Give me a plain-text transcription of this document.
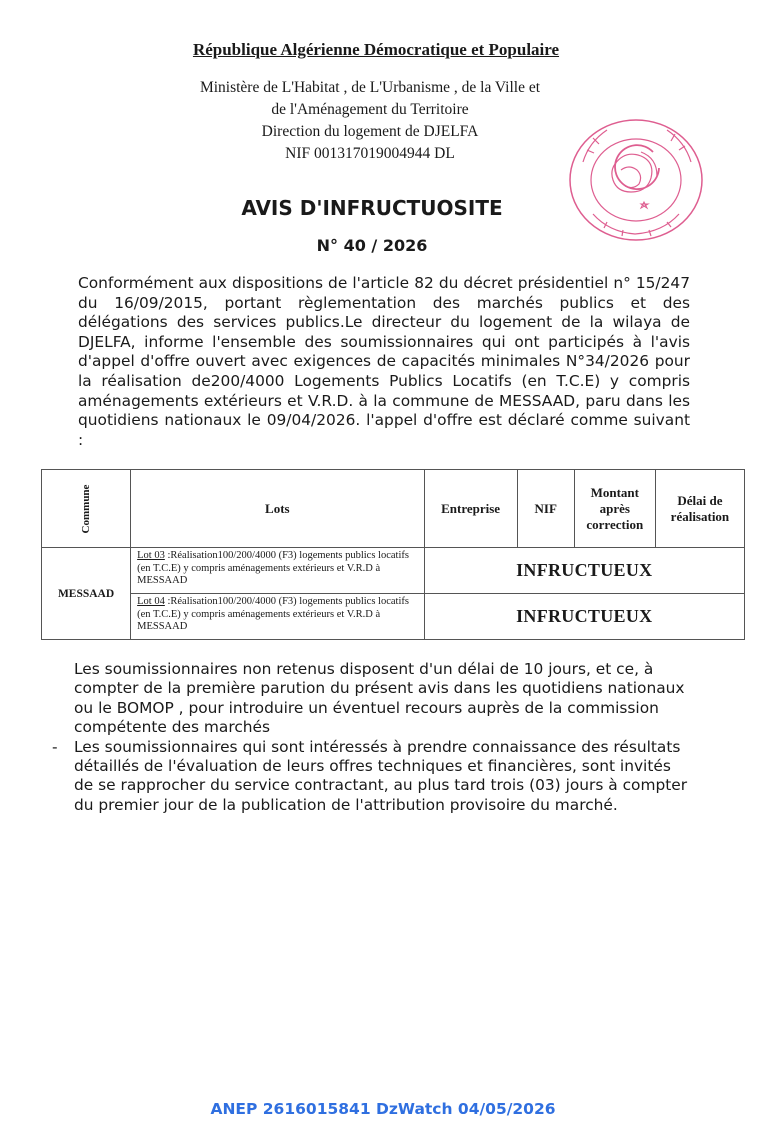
République Algérienne Démocratique et Populaire
Ministère de L'Habitat , de L'Urbanisme , de la Ville et
de l'Aménagement du Territoire
Direction du logement de DJELFA
NIF 001317019004944 DL
AVIS D'INFRUCTUOSITE
N° 40 / 2026
Conformément aux dispositions de l'article 82 du décret présidentiel n° 15/247 du 16/09/2015, portant règlementation des marchés publics et des délégations des services publics.Le directeur du logement de la wilaya de DJELFA, informe l'ensemble des soumissionnaires qui ont participés à l'avis d'appel d'offre ouvert avec exigences de capacités minimales N°34/2026 pour la réalisation de200/4000 Logements Publics Locatifs (en T.C.E) y compris aménagements extérieurs et V.R.D. à la commune de MESSAAD, paru dans les quotidiens nationaux le 09/04/2026. l'appel d'offre est déclaré comme suivant :
Commune	Lots	Entreprise	NIF	Montant après correction	Délai de réalisation
MESSAAD	Lot 03 :Réalisation100/200/4000 (F3) logements publics locatifs (en T.C.E) y compris aménagements extérieurs et V.R.D à MESSAAD	INFRUCTUEUX			
	Lot 04 :Réalisation100/200/4000 (F3) logements publics locatifs (en T.C.E) y compris aménagements extérieurs et V.R.D à MESSAAD	INFRUCTUEUX			
Les soumissionnaires non retenus disposent d'un délai de 10 jours, et ce, à compter de la première parution du présent avis dans les quotidiens nationaux ou le BOMOP , pour introduire un éventuel recours auprès de la commission compétente des marchés
- Les soumissionnaires qui sont intéressés à prendre connaissance des résultats détaillés de l'évaluation de leurs offres techniques et financières, sont invités de se rapprocher du service contractant, au plus tard trois (03) jours à compter du premier jour de la publication de l'attribution provisoire du marché.
ANEP 2616015841 DzWatch 04/05/2026
